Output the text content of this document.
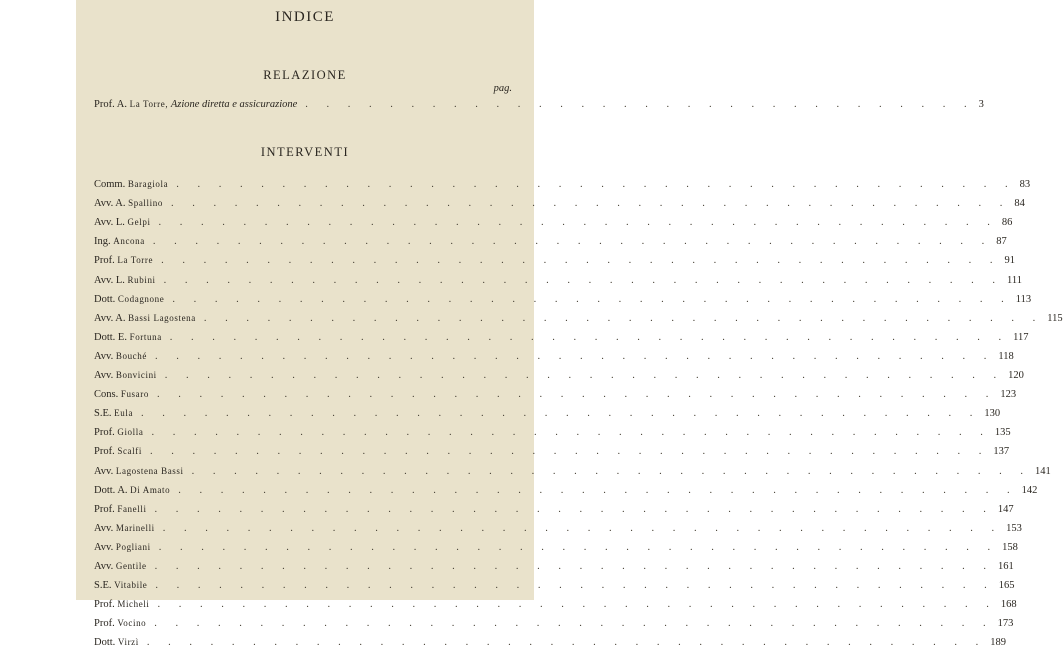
INDICE
RELAZIONE
pag.
Prof. A. La Torre, Azione diretta e assicurazione . . . . . . . . . . . . . . . . . . . . . . . . . . . . . . . . 3
INTERVENTI
Comm. Baragiola . . . . . . . . . . . . . . . . . . . . . . . . . . . . . . . . . . . . . . . . 83
Avv. A. Spallino . . . . . . . . . . . . . . . . . . . . . . . . . . . . . . . . . . . . . . . . 84
Avv. L. Gelpi . . . . . . . . . . . . . . . . . . . . . . . . . . . . . . . . . . . . . . . . 86
Ing. Ancona . . . . . . . . . . . . . . . . . . . . . . . . . . . . . . . . . . . . . . . . 87
Prof. La Torre . . . . . . . . . . . . . . . . . . . . . . . . . . . . . . . . . . . . . . . . 91
Avv. L. Rubini . . . . . . . . . . . . . . . . . . . . . . . . . . . . . . . . . . . . . . . . 111
Dott. Codagnone . . . . . . . . . . . . . . . . . . . . . . . . . . . . . . . . . . . . . . . . 113
Avv. A. Bassi Lagostena . . . . . . . . . . . . . . . . . . . . . . . . . . . . . . . . . . . . . . . . 115
Dott. E. Fortuna . . . . . . . . . . . . . . . . . . . . . . . . . . . . . . . . . . . . . . . . 117
Avv. Bouché . . . . . . . . . . . . . . . . . . . . . . . . . . . . . . . . . . . . . . . . 118
Avv. Bonvicini . . . . . . . . . . . . . . . . . . . . . . . . . . . . . . . . . . . . . . . . 120
Cons. Fusaro . . . . . . . . . . . . . . . . . . . . . . . . . . . . . . . . . . . . . . . . 123
S.E. Eula . . . . . . . . . . . . . . . . . . . . . . . . . . . . . . . . . . . . . . . . 130
Prof. Giolla . . . . . . . . . . . . . . . . . . . . . . . . . . . . . . . . . . . . . . . . 135
Prof. Scalfi . . . . . . . . . . . . . . . . . . . . . . . . . . . . . . . . . . . . . . . . 137
Avv. Lagostena Bassi . . . . . . . . . . . . . . . . . . . . . . . . . . . . . . . . . . . . . . . . 141
Dott. A. Di Amato . . . . . . . . . . . . . . . . . . . . . . . . . . . . . . . . . . . . . . . . 142
Prof. Fanelli . . . . . . . . . . . . . . . . . . . . . . . . . . . . . . . . . . . . . . . . 147
Avv. Marinelli . . . . . . . . . . . . . . . . . . . . . . . . . . . . . . . . . . . . . . . . 153
Avv. Pogliani . . . . . . . . . . . . . . . . . . . . . . . . . . . . . . . . . . . . . . . . 158
Avv. Gentile . . . . . . . . . . . . . . . . . . . . . . . . . . . . . . . . . . . . . . . . 161
S.E. Vitabile . . . . . . . . . . . . . . . . . . . . . . . . . . . . . . . . . . . . . . . . 165
Prof. Micheli . . . . . . . . . . . . . . . . . . . . . . . . . . . . . . . . . . . . . . . . 168
Prof. Vocino . . . . . . . . . . . . . . . . . . . . . . . . . . . . . . . . . . . . . . . . 173
Dott. Virzì . . . . . . . . . . . . . . . . . . . . . . . . . . . . . . . . . . . . . . . . 189
